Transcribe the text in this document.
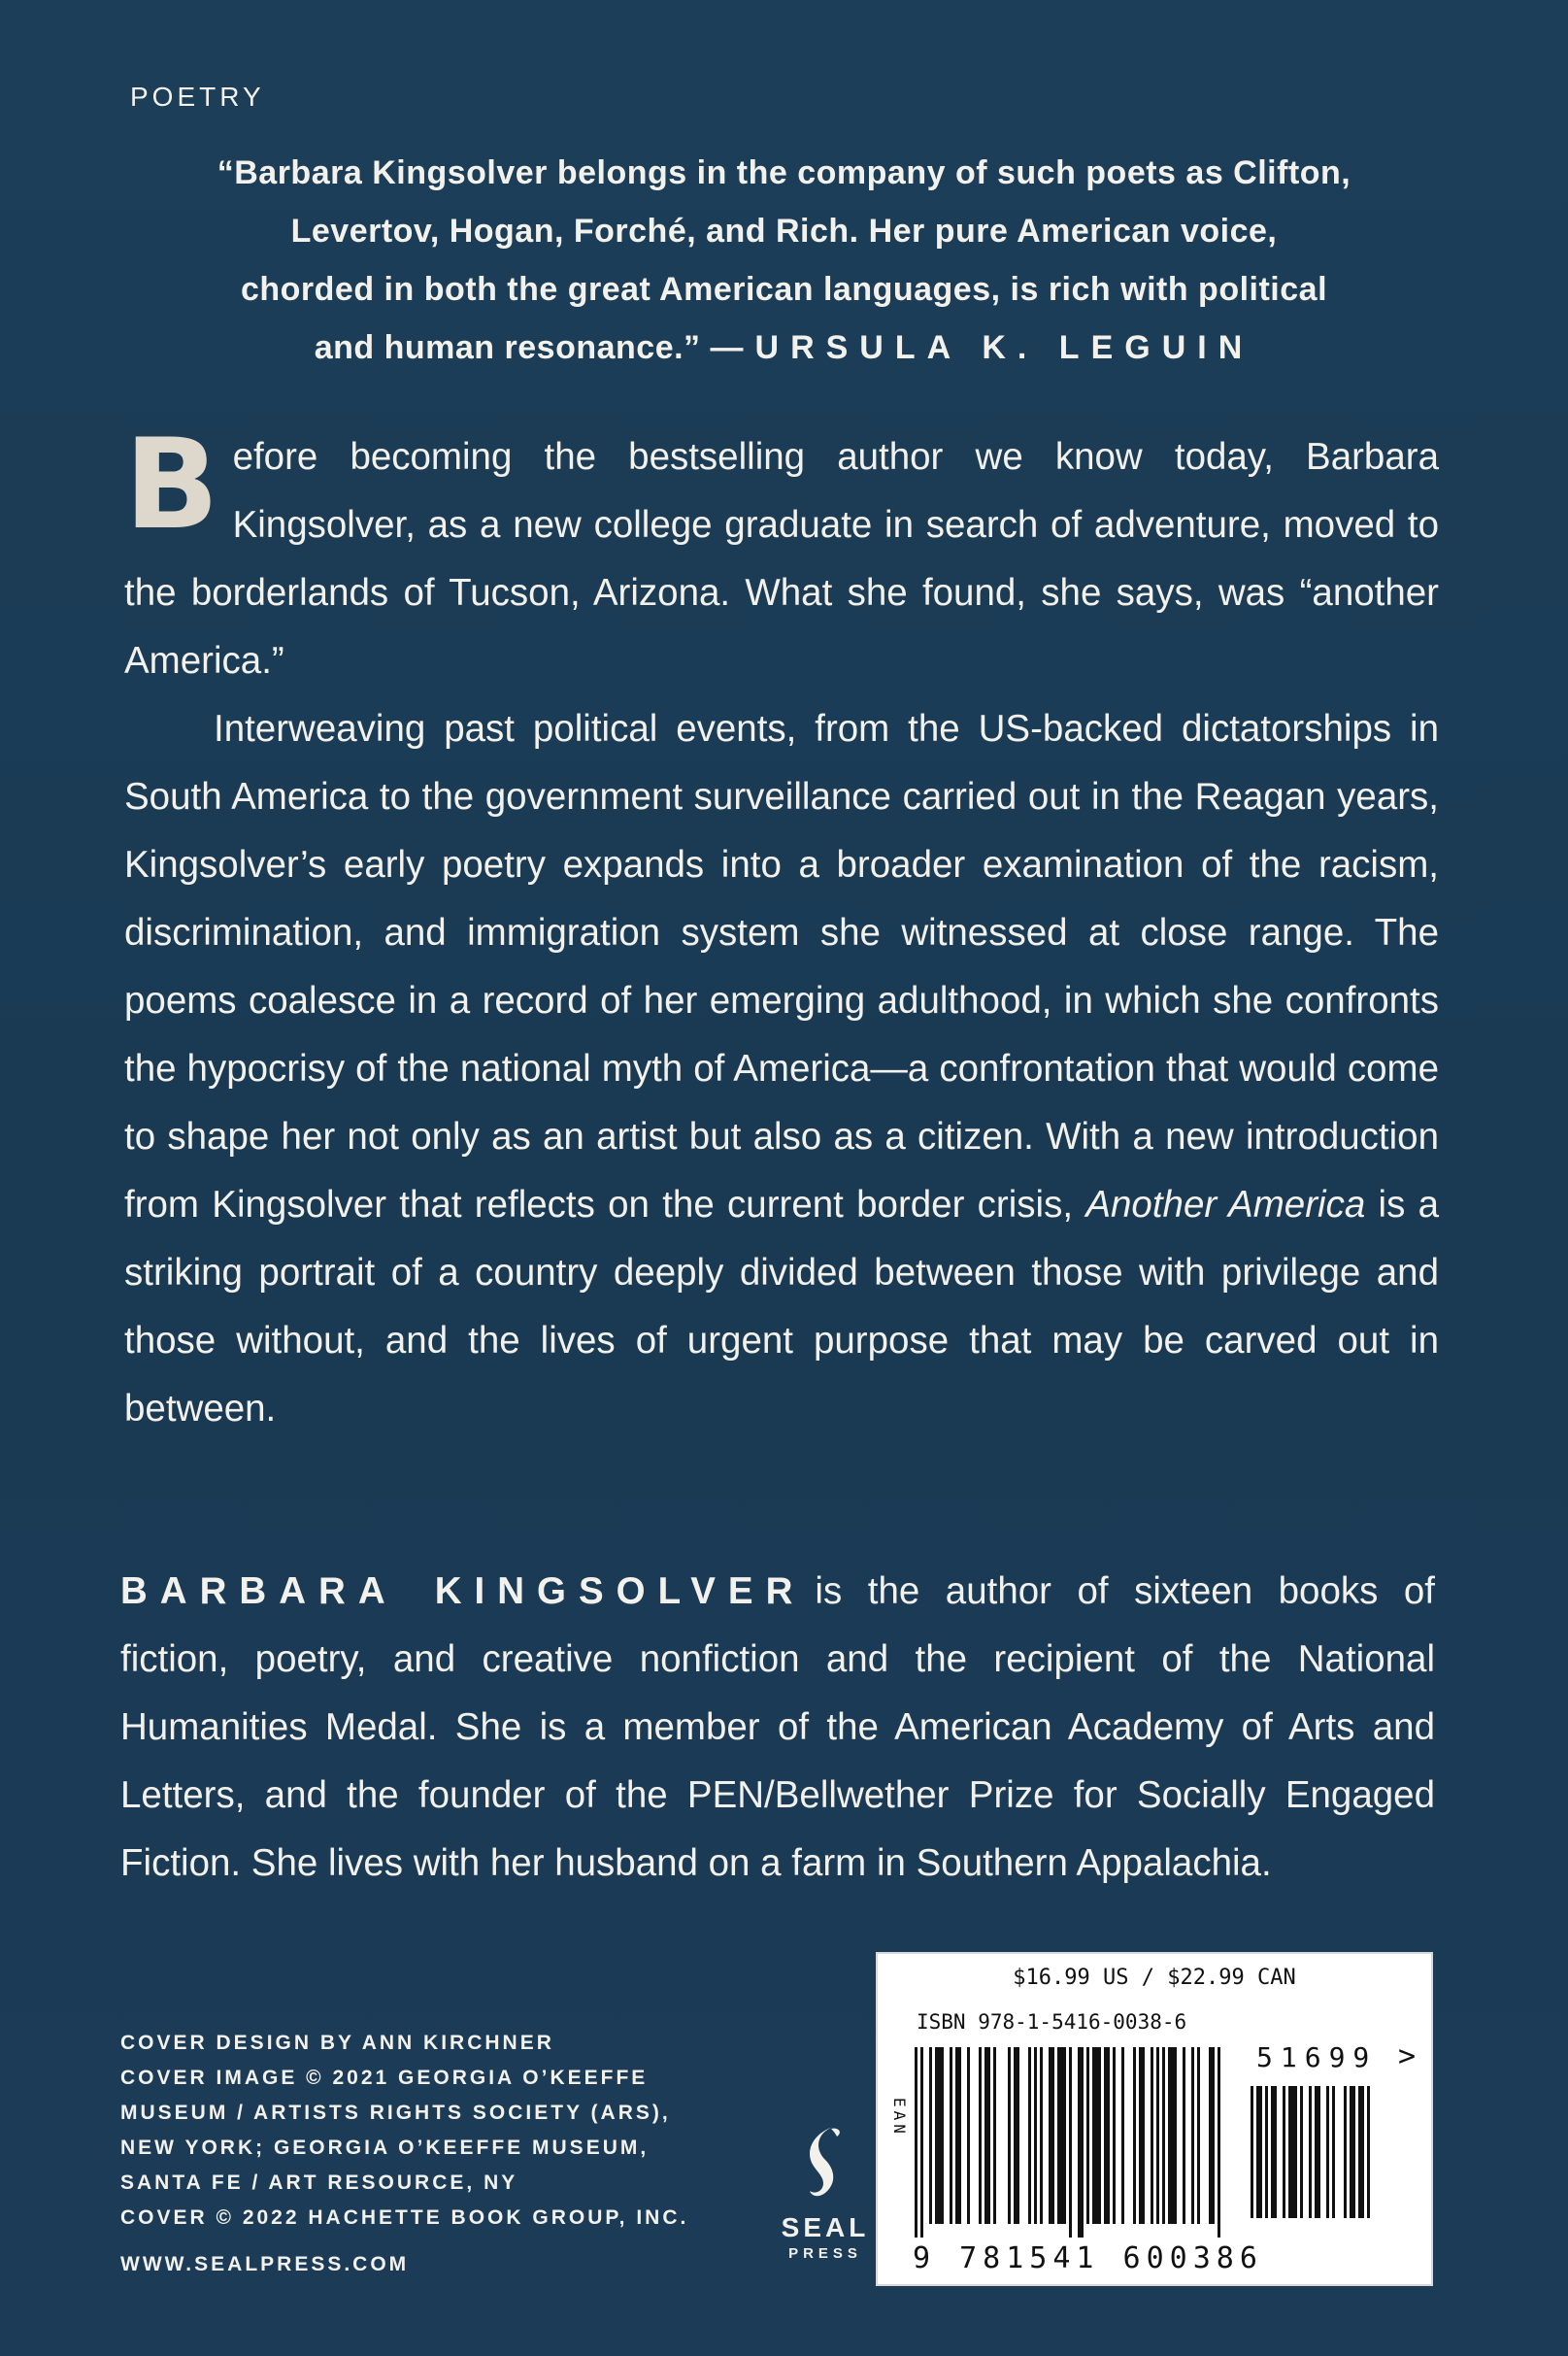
POETRY
“Barbara Kingsolver belongs in the company of such poets as Clifton,
Levertov, Hogan, Forché, and Rich. Her pure American voice,
chorded in both the great American languages, is rich with political
and human resonance.” —URSULA K. LEGUIN

Before becoming the bestselling author we know today, Barbara Kingsolver, as a new college graduate in search of adventure, moved to the borderlands of Tucson, Arizona. What she found, she says, was “another America.”

Interweaving past political events, from the US-backed dictatorships in South America to the government surveillance carried out in the Reagan years, Kingsolver’s early poetry expands into a broader examination of the racism, discrimination, and immigration system she witnessed at close range. The poems coalesce in a record of her emerging adulthood, in which she confronts the hypocrisy of the national myth of America—a confrontation that would come to shape her not only as an artist but also as a citizen. With a new introduction from Kingsolver that reflects on the current border crisis, Another America is a striking portrait of a country deeply divided between those with privilege and those without, and the lives of urgent purpose that may be carved out in between.

BARBARA KINGSOLVER is the author of sixteen books of fiction, poetry, and creative nonfiction and the recipient of the National Humanities Medal. She is a member of the American Academy of Arts and Letters, and the founder of the PEN/Bellwether Prize for Socially Engaged Fiction. She lives with her husband on a farm in Southern Appalachia.

COVER DESIGN BY ANN KIRCHNER
COVER IMAGE © 2021 GEORGIA O’KEEFFE
MUSEUM / ARTISTS RIGHTS SOCIETY (ARS),
NEW YORK; GEORGIA O’KEEFFE MUSEUM,
SANTA FE / ART RESOURCE, NY
COVER © 2022 HACHETTE BOOK GROUP, INC.
WWW.SEALPRESS.COM
SEAL
PRESS
$16.99 US / $22.99 CAN
ISBN 978-1-5416-0038-6
EAN
51699 >
9 781541 600386
